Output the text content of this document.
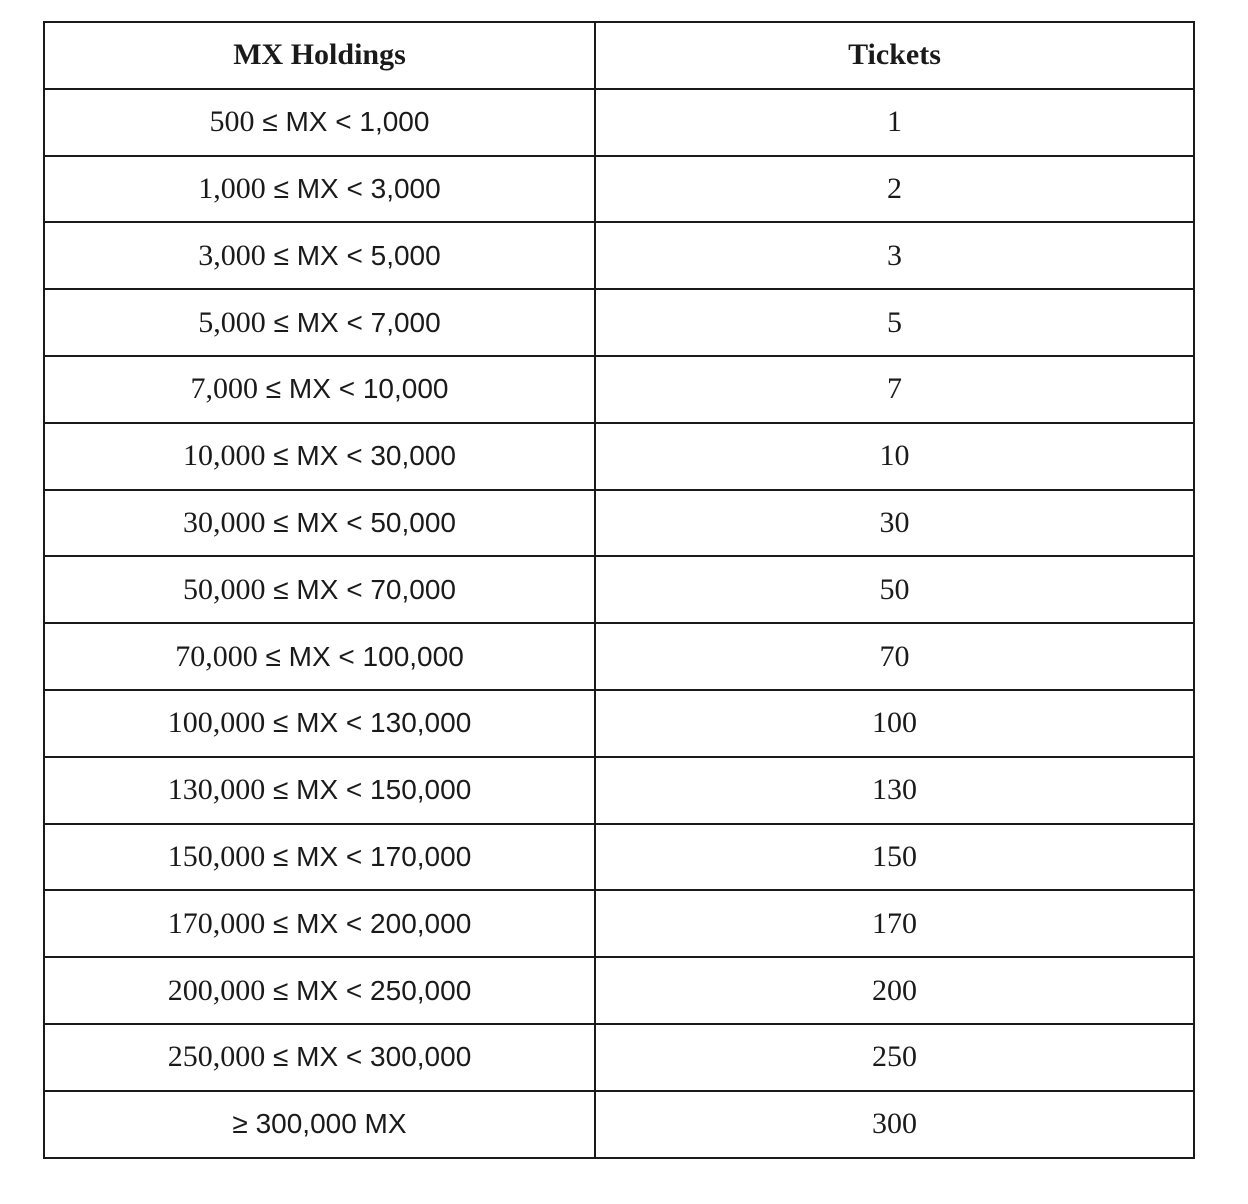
MX Holdings	Tickets
500 ≤ MX < 1,000	1
1,000 ≤ MX < 3,000	2
3,000 ≤ MX < 5,000	3
5,000 ≤ MX < 7,000	5
7,000 ≤ MX < 10,000	7
10,000 ≤ MX < 30,000	10
30,000 ≤ MX < 50,000	30
50,000 ≤ MX < 70,000	50
70,000 ≤ MX < 100,000	70
100,000 ≤ MX < 130,000	100
130,000 ≤ MX < 150,000	130
150,000 ≤ MX < 170,000	150
170,000 ≤ MX < 200,000	170
200,000 ≤ MX < 250,000	200
250,000 ≤ MX < 300,000	250
≥ 300,000 MX	300
